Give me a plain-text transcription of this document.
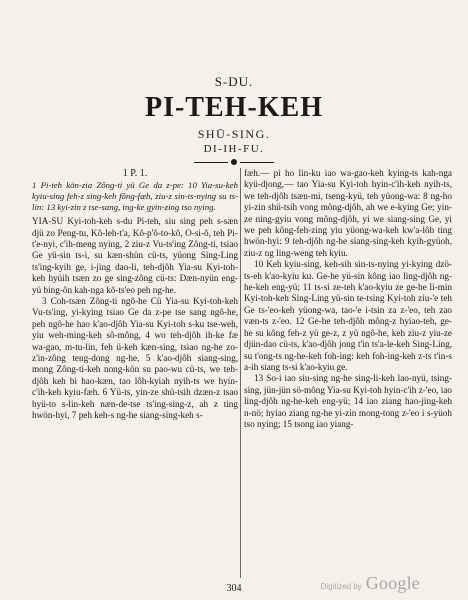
S-DU.
PI-TEH-KEH
SHŪ-SING.
DI-IH-FU.

1 P. 1.

1 Pi-teh kön-zia Zông-ti yü Ge da z-pe: 10 Yia-su-keh kyiu-sing feh-z sing-keh fông-fæh, ziu-z sin-ts-nying su ts-lin: 13 kyi-zin z tse-sang, ing-ke gyin-zing tso nying.

YIA-SU Kyi-toh-keh s-du Pi-teh, siu sing peh s-sæn djü zo Peng-tu, Kô-leh-t'a, Kô-p'ô-to-kô, O-si-ô, teh Pi-t'e-nyi, c'ih-meng nying, 2 ziu-z Vu-ts'ing Zông-ti, tsiao Ge yü-sin ts-i, su kæn-shün cü-ts, yüong Sing-Ling ts'ing-kyih ge, i-jing dao-li, teh-djôh Yia-su Kyi-toh-keh hyüih tsæn zo ge sing-zông cü-ts: Dæn-nyün eng-yü bing-ôn kah-nga kô-ts'eo peh ng-he.

3 Coh-tsæn Zông-ti ngô-he Cü Yia-su Kyi-toh-keh Vu-ts'ing, yi-kying tsiao Ge da z-pe tse sang ngô-he, peh ngô-he hao k'ao-djôh Yia-su Kyi-toh s-ku tse-weh, yiu weh-ming-keh sô-mông, 4 wo teh-djôh ih-ke fæ wa-gao, m-tu-lin, feh ü-keh kæn-sing, tsiao ng-he zo-z'in-zông teng-dong ng-he, 5 k'ao-djôh siang-sing, mong Zông-ti-keh nong-kön su pao-wu cü-ts, we teh-djôh keh bi hao-kæn, tao lôh-kyiah nyih-ts we hyin-c'ih-keh kyiu-fæh. 6 Yü-ts, yin-ze shü-tsih dzæn-z tsao hyü-to s-lin-keh næn-de-tse ts'ing-sing-z, ah z ting hwön-hyi, 7 peh keh-s ng-he siang-sing-keh s-

fæh.— pi ho lin-ku iao wa-gao-keh kying-ts kah-nga kyü-djong,— tao Yia-su Kyi-toh hyin-c'ih-keh nyih-ts, we teh-djôh tsæn-mi, tseng-kyü, teh yüong-wa: 8 ng-ho yi-zin shü-tsih vong mông-djôh, ah we e-kying Ge; yin-ze ning-gyiu vong mông-djôh, yi we siang-sing Ge, yi we peh kông-feh-zing yiu yüong-wa-keh kw'a-lôh ting hwön-hyi: 9 teh-djôh ng-he siang-sing-keh kyih-gyüoh, ziu-z ng ling-weng teh kyiu.

10 Keh kyiu-sing, keh-sih sin-ts-nying yi-kying dzö-ts-eh k'ao-kyiu ku. Ge-he yü-sin kông iao ling-djôh ng-he-keh eng-yü; 11 ts-si ze-teh k'ao-kyiu ze ge-he li-min Kyi-toh-keh Sing-Ling yü-sin te-tsing Kyi-toh ziu-'e teh Ge ts-'eo-keh yüong-wa, tao-'e i-tsin za z-'eo, teh zao væn-ts z-'eo. 12 Ge-he teh-djôh mông-z hyiao-teh, ge-he su kông feh-z yü ge-z, z yü ngô-he, keh ziu-z yiu-ze djün-dao cü-ts, k'ao-djôh jong t'in ts'a-le-keh Sing-Ling, su t'ong-ts ng-he-keh foh-ing: keh foh-ing-keh z-ts t'in-s a-ih siang ts-si k'ao-kyiu ge.

13 So-i iao siu-sing ng-he sing-li-keh lao-nyü, tsing-sing, jün-jün sö-mông Yia-su Kyi-toh hyin-c'ih z-'eo, iao ling-djôh ng-he-keh eng-yü; 14 iao ziang hao-jing-keh n-nö; hyiao ziang ng-he yi-zin mong-tong z-'eo i s-yüoh tso nying; 15 tsong iao yiang-

304	Digitized by Google
